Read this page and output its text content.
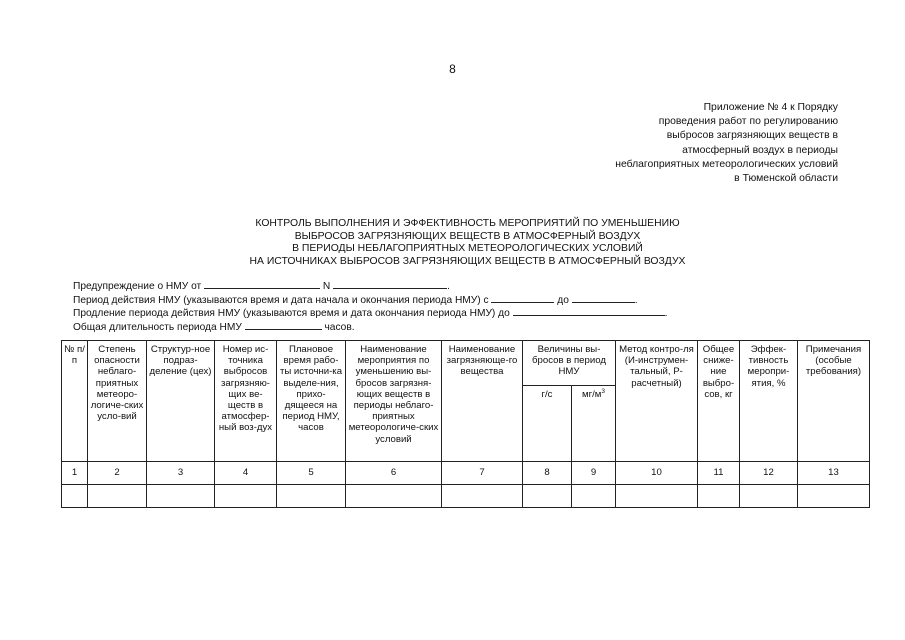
8
Приложение № 4 к Порядку
проведения работ по регулированию
выбросов загрязняющих веществ в
атмосферный воздух в периоды
неблагоприятных метеорологических условий
в Тюменской области
КОНТРОЛЬ ВЫПОЛНЕНИЯ И ЭФФЕКТИВНОСТЬ МЕРОПРИЯТИЙ ПО УМЕНЬШЕНИЮ
ВЫБРОСОВ ЗАГРЯЗНЯЮЩИХ ВЕЩЕСТВ В АТМОСФЕРНЫЙ ВОЗДУХ
В ПЕРИОДЫ НЕБЛАГОПРИЯТНЫХ МЕТЕОРОЛОГИЧЕСКИХ УСЛОВИЙ
НА ИСТОЧНИКАХ ВЫБРОСОВ ЗАГРЯЗНЯЮЩИХ ВЕЩЕСТВ В АТМОСФЕРНЫЙ ВОЗДУХ
Предупреждение о НМУ от	N	.
Период действия НМУ (указываются время и дата начала и окончания периода НМУ) с	до	.
Продление периода действия НМУ (указываются время и дата окончания периода НМУ) до	.
Общая длительность периода НМУ	часов.
№ п/п	Степень опасности неблаго-приятных метеоро-логиче-ских усло-вий	Структур-ное подраз-деление (цех)	Номер ис-точника выбросов загрязняю-щих ве-ществ в атмосфер-ный воз-дух	Плановое время рабо-ты источни-ка выделе-ния, прихо-дящееся на период НМУ, часов	Наименование мероприятия по уменьшению вы-бросов загрязня-ющих веществ в периоды неблаго-приятных метеорологиче-ских условий	Наименование загрязняюще-го вещества	Величины вы-бросов в период НМУ		Метод контро-ля (И-инструмен-тальный, Р-расчетный)	Общее сниже-ние выбро-сов, кг	Эффек-тивность меропри-ятия, %	Примечания (особые требования)
							г/с	$мг/м^3$
1	2	3	4	5	6	7	8	9	10	11	12	13
